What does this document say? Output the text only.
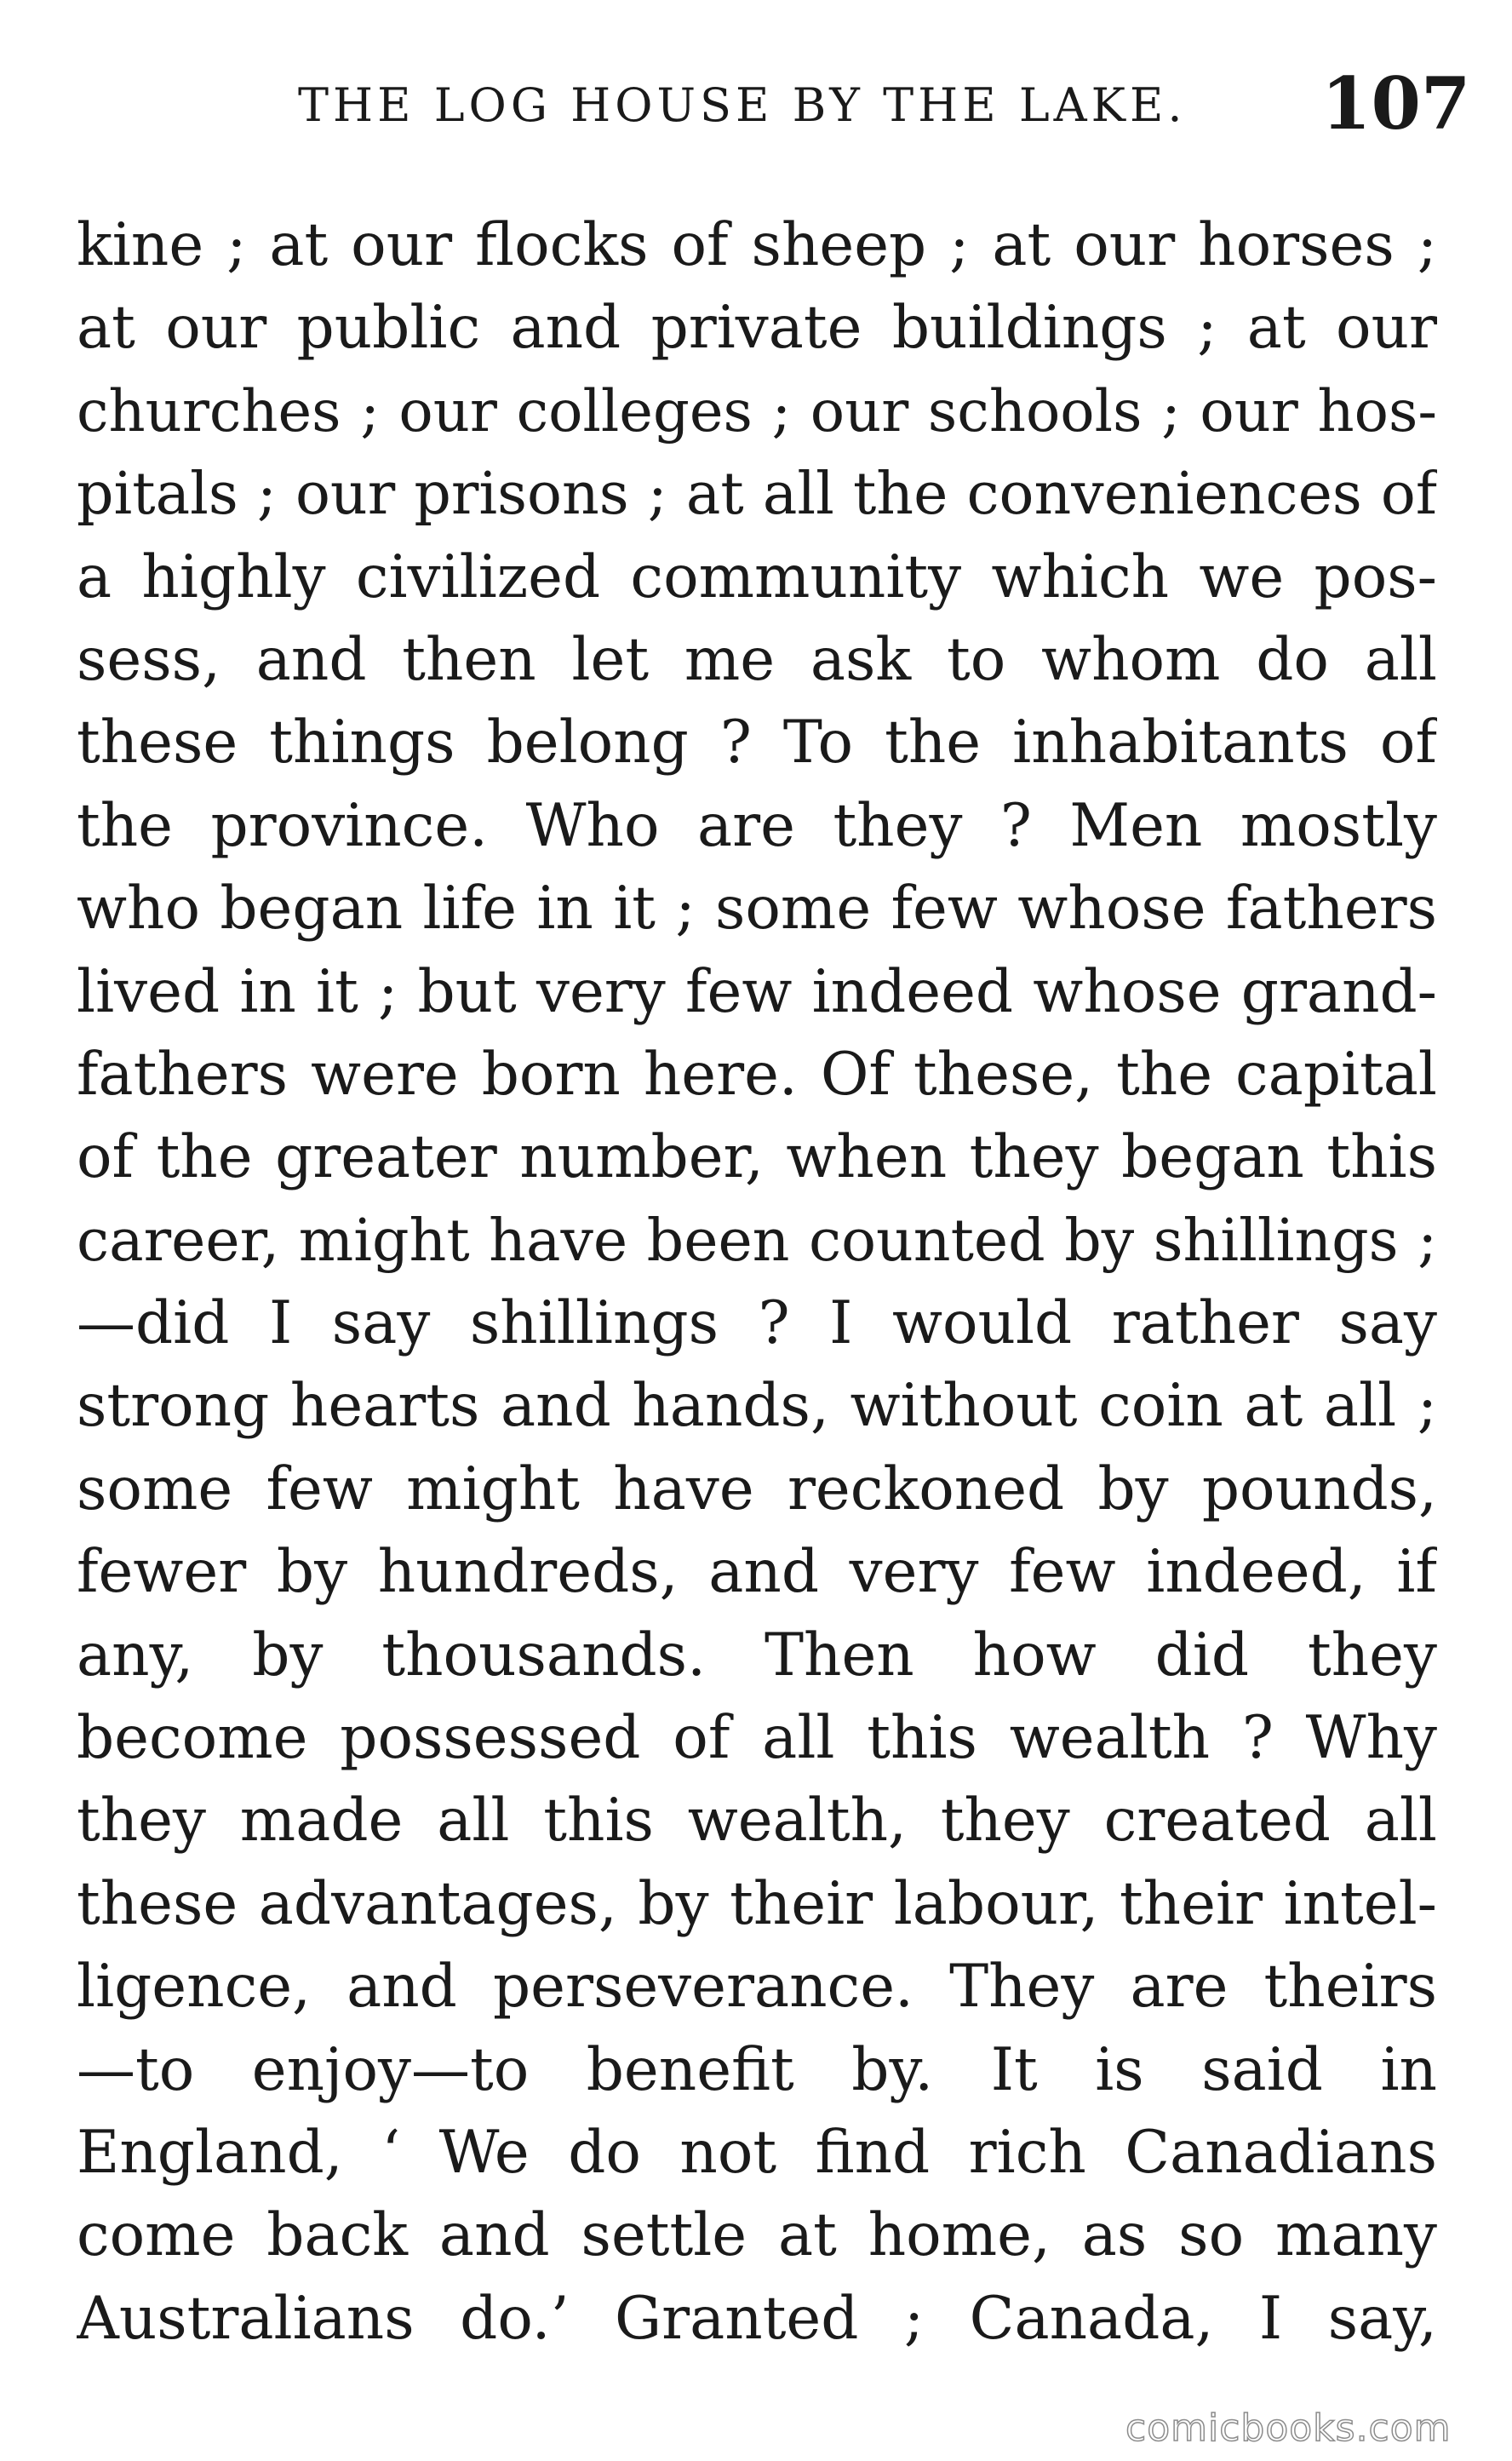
THE LOG HOUSE BY THE LAKE. 107
kine ; at our flocks of sheep ; at our horses ;
at our public and private buildings ; at our
churches ; our colleges ; our schools ; our hos-
pitals ; our prisons ; at all the conveniences of
a highly civilized community which we pos-
sess, and then let me ask to whom do all
these things belong ? To the inhabitants of
the province. Who are they ? Men mostly
who began life in it ; some few whose fathers
lived in it ; but very few indeed whose grand-
fathers were born here. Of these, the capital
of the greater number, when they began this
career, might have been counted by shillings ;
—did I say shillings ? I would rather say
strong hearts and hands, without coin at all ;
some few might have reckoned by pounds,
fewer by hundreds, and very few indeed, if
any, by thousands. Then how did they
become possessed of all this wealth ? Why
they made all this wealth, they created all
these advantages, by their labour, their intel-
ligence, and perseverance. They are theirs
—to enjoy—to benefit by. It is said in
England, ‘ We do not find rich Canadians
come back and settle at home, as so many
Australians do.’ Granted ; Canada, I say,
comicbooks.com
